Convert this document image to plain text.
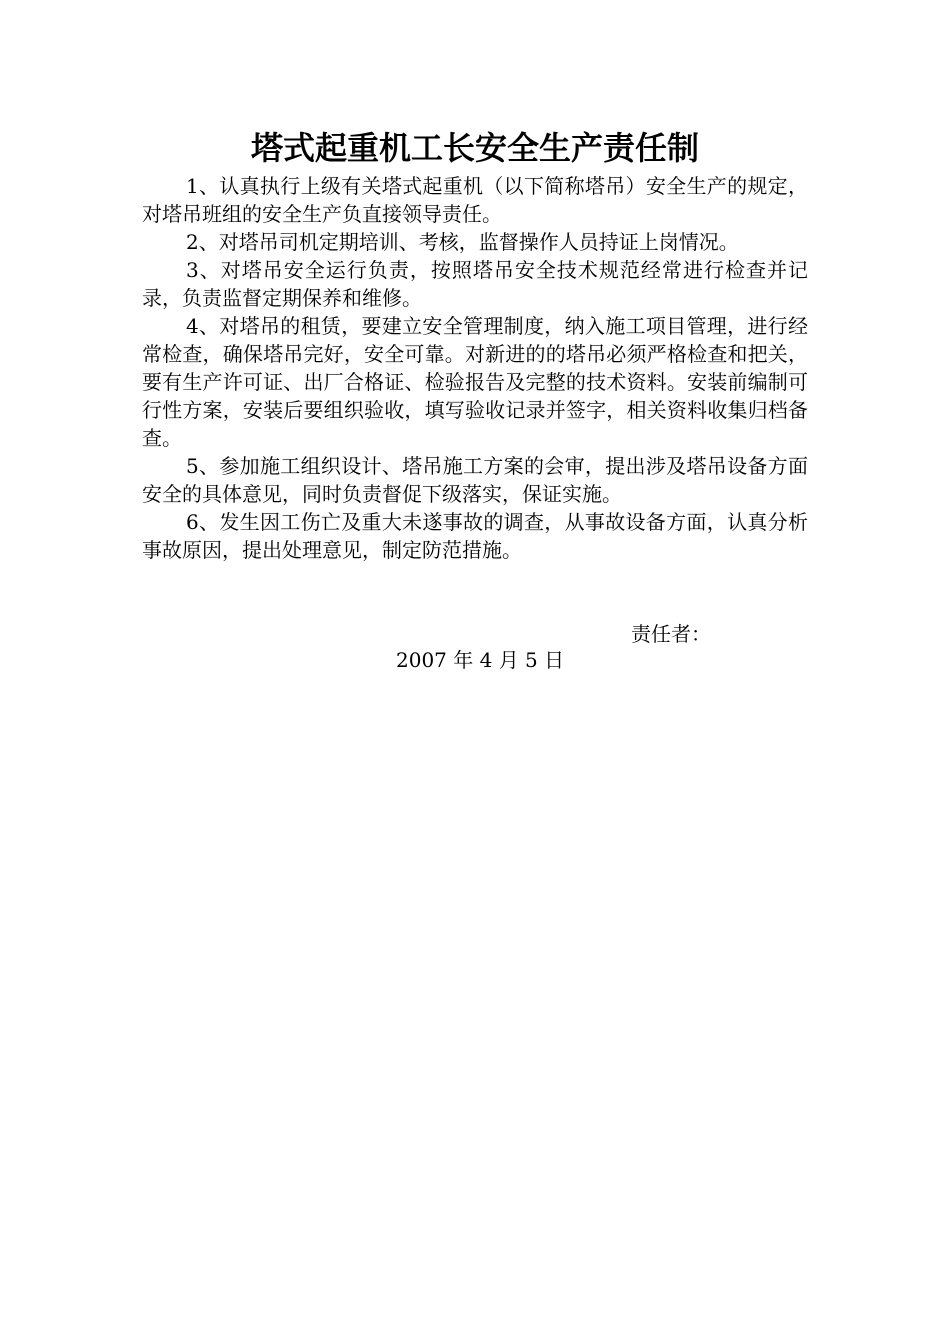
塔式起重机工长安全生产责任制

1、认真执行上级有关塔式起重机（以下简称塔吊）安全生产的规定，对塔吊班组的安全生产负直接领导责任。

2、对塔吊司机定期培训、考核，监督操作人员持证上岗情况。

3、对塔吊安全运行负责，按照塔吊安全技术规范经常进行检查并记录，负责监督定期保养和维修。

4、对塔吊的租赁，要建立安全管理制度，纳入施工项目管理，进行经常检查，确保塔吊完好，安全可靠。对新进的的塔吊必须严格检查和把关，要有生产许可证、出厂合格证、检验报告及完整的技术资料。安装前编制可行性方案，安装后要组织验收，填写验收记录并签字，相关资料收集归档备查。

5、参加施工组织设计、塔吊施工方案的会审，提出涉及塔吊设备方面安全的具体意见，同时负责督促下级落实，保证实施。

6、发生因工伤亡及重大未遂事故的调查，从事故设备方面，认真分析事故原因，提出处理意见，制定防范措施。

责任者：
2007 年 4 月 5 日
